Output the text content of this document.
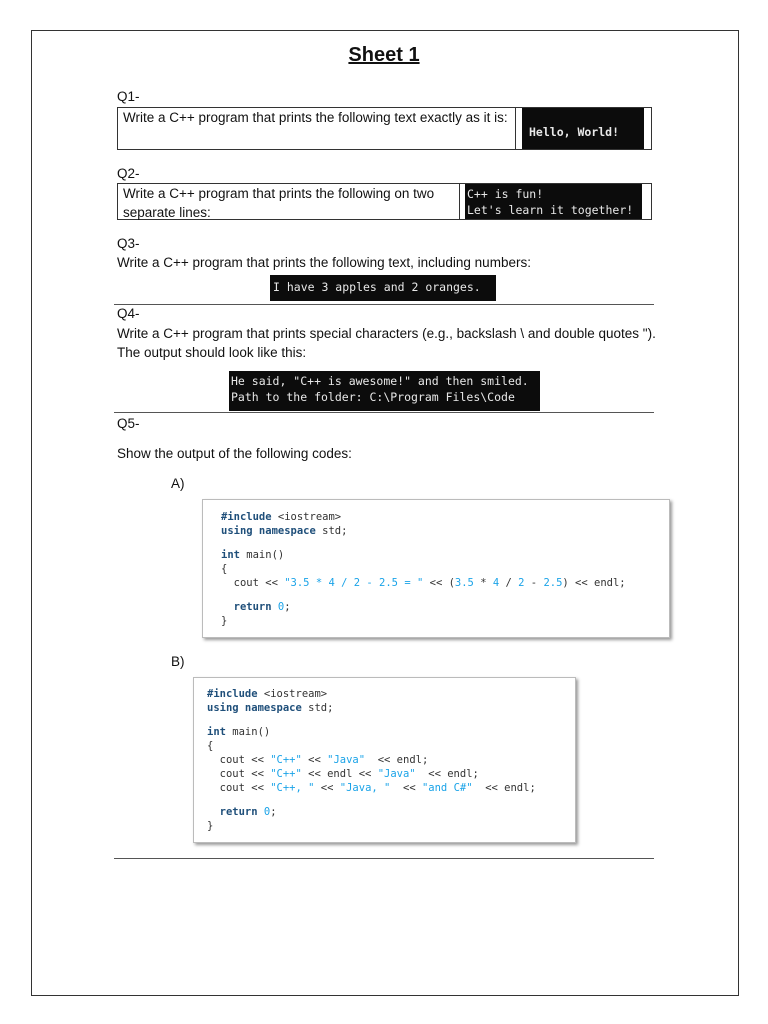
Sheet 1
Q1-
Write a C++ program that prints the following text exactly as it is:
Hello, World!
Q2-
Write a C++ program that prints the following on two separate lines:
C++ is fun!
Let's learn it together!
Q3-
Write a C++ program that prints the following text, including numbers:
I have 3 apples and 2 oranges.
Q4-
Write a C++ program that prints special characters (e.g., backslash \ and double quotes "). The output should look like this:
He said, "C++ is awesome!" and then smiled.
Path to the folder: C:\Program Files\Code
Q5-
Show the output of the following codes:
A)
#include <iostream>
using namespace std;
int main()
{
cout << "3.5 * 4 / 2 - 2.5 = " << (3.5 * 4 / 2 - 2.5) << endl;
return 0;
}
B)
#include <iostream>
using namespace std;
int main()
{
cout << "C++" << "Java"  << endl;
cout << "C++" << endl << "Java"  << endl;
cout << "C++, " << "Java, "  << "and C#"  << endl;
return 0;
}
